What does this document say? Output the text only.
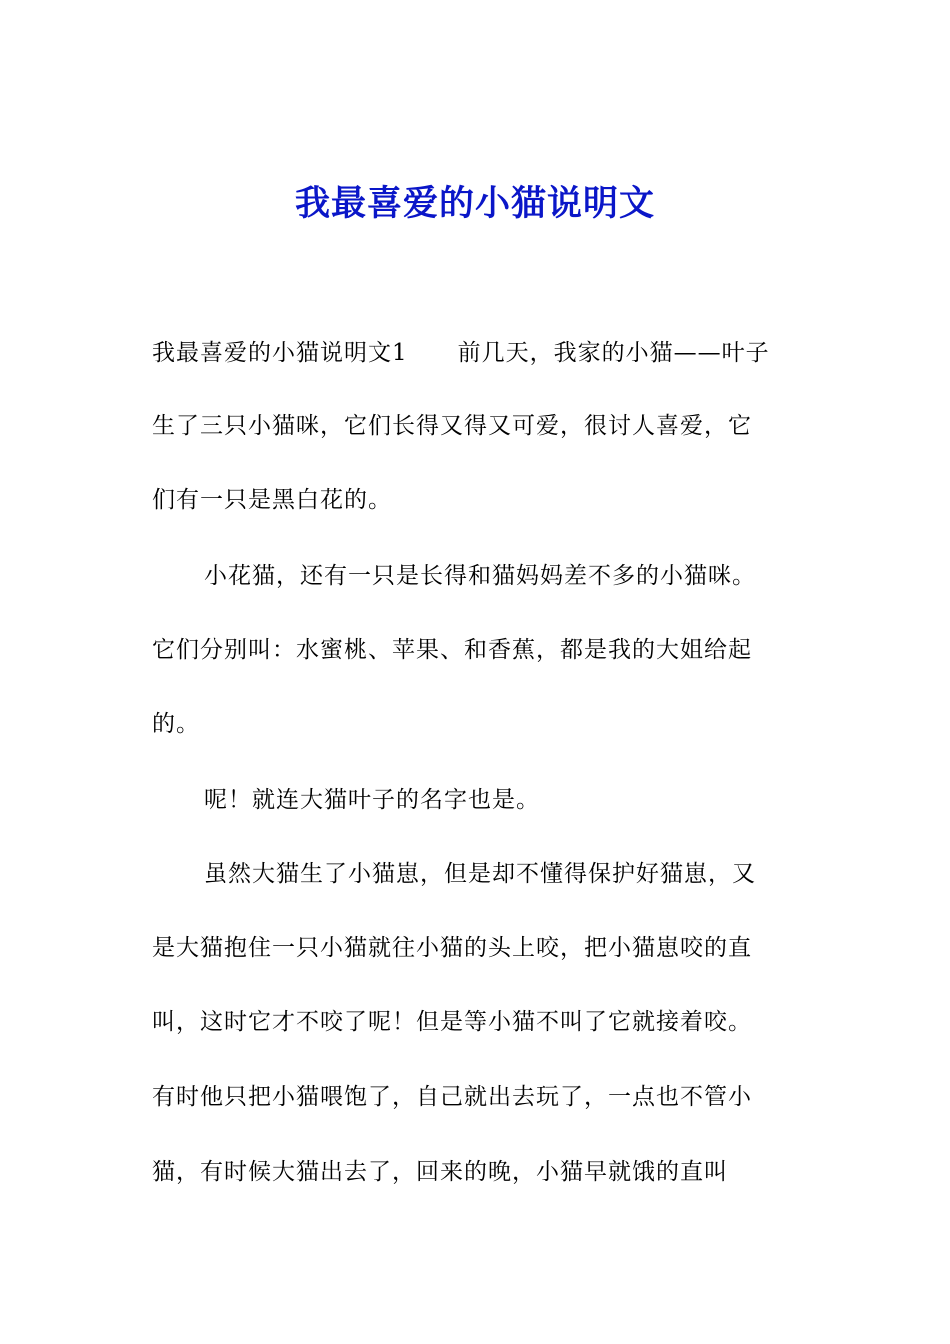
我最喜爱的小猫说明文
我最喜爱的小猫说明文1 前几天，我家的小猫——叶子
生了三只小猫咪，它们长得又得又可爱，很讨人喜爱，它
们有一只是黑白花的。
小花猫，还有一只是长得和猫妈妈差不多的小猫咪。
它们分别叫：水蜜桃、苹果、和香蕉，都是我的大姐给起
的。
呢！就连大猫叶子的名字也是。
虽然大猫生了小猫崽，但是却不懂得保护好猫崽，又
是大猫抱住一只小猫就往小猫的头上咬，把小猫崽咬的直
叫，这时它才不咬了呢！但是等小猫不叫了它就接着咬。
有时他只把小猫喂饱了，自己就出去玩了，一点也不管小
猫，有时候大猫出去了，回来的晚，小猫早就饿的直叫
